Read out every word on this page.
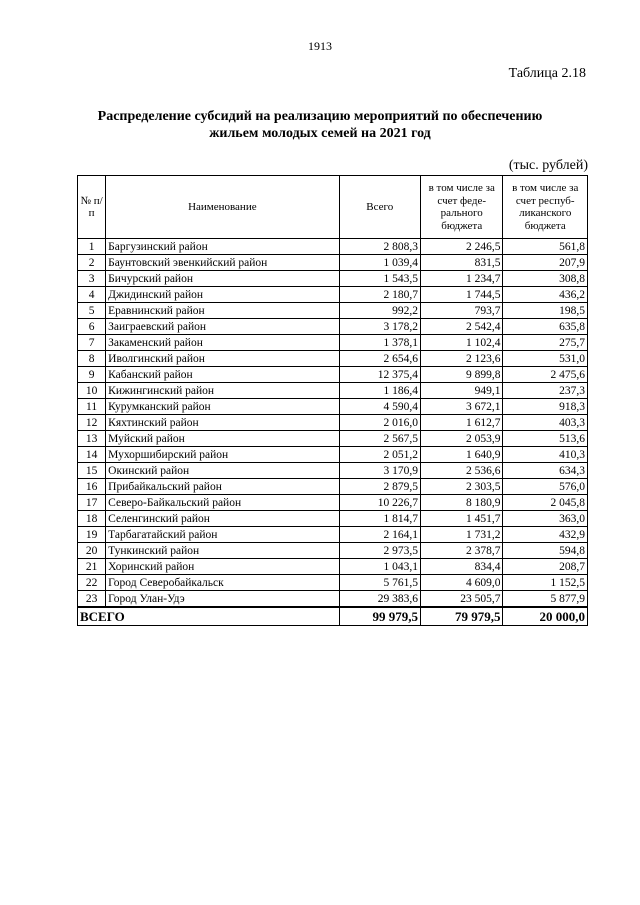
1913
Таблица 2.18
Распределение субсидий на реализацию мероприятий по обеспечению
жильем молодых семей на 2021 год
(тыс. рублей)
№ п/п	Наименование	Всего	в том числе за счет феде-рального бюджета	в том числе за счет респуб-ликанского бюджета
1	Баргузинский район	2 808,3	2 246,5	561,8
2	Баунтовский эвенкийский район	1 039,4	831,5	207,9
3	Бичурский район	1 543,5	1 234,7	308,8
4	Джидинский район	2 180,7	1 744,5	436,2
5	Еравнинский район	992,2	793,7	198,5
6	Заиграевский район	3 178,2	2 542,4	635,8
7	Закаменский район	1 378,1	1 102,4	275,7
8	Иволгинский район	2 654,6	2 123,6	531,0
9	Кабанский район	12 375,4	9 899,8	2 475,6
10	Кижингинский район	1 186,4	949,1	237,3
11	Курумканский район	4 590,4	3 672,1	918,3
12	Кяхтинский район	2 016,0	1 612,7	403,3
13	Муйский район	2 567,5	2 053,9	513,6
14	Мухоршибирский район	2 051,2	1 640,9	410,3
15	Окинский район	3 170,9	2 536,6	634,3
16	Прибайкальский район	2 879,5	2 303,5	576,0
17	Северо-Байкальский район	10 226,7	8 180,9	2 045,8
18	Селенгинский район	1 814,7	1 451,7	363,0
19	Тарбагатайский район	2 164,1	1 731,2	432,9
20	Тункинский район	2 973,5	2 378,7	594,8
21	Хоринский район	1 043,1	834,4	208,7
22	Город Северобайкальск	5 761,5	4 609,0	1 152,5
23	Город Улан-Удэ	29 383,6	23 505,7	5 877,9
ВСЕГО		99 979,5	79 979,5	20 000,0
